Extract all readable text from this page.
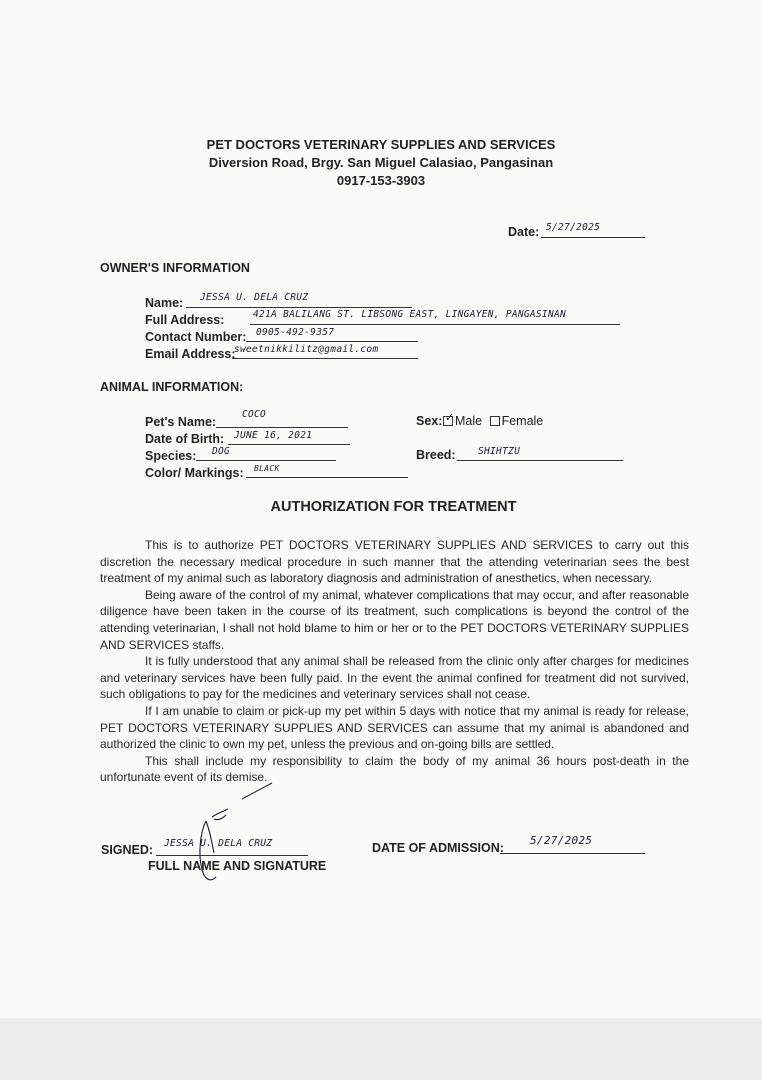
PET DOCTORS VETERINARY SUPPLIES AND SERVICES
Diversion Road, Brgy. San Miguel Calasiao, Pangasinan
0917-153-3903
Date: 5/27/2025
OWNER'S INFORMATION
Name: JESSA U. DELA CRUZ
Full Address:	421A BALILANG ST. LIBSONG EAST, LINGAYEN, PANGASINAN
Contact Number: 0905-492-9357
Email Address:
sweetnikkilitz@gmail.com
ANIMAL INFORMATION:
Pet's Name:
COCO	Sex: ✓ Male Female
Date of Birth: JUNE 16, 2021
Species: DOG	Breed: SHIHTZU
Color/ Markings: BLACK
AUTHORIZATION FOR TREATMENT

This is to authorize PET DOCTORS VETERINARY SUPPLIES AND SERVICES to carry out this discretion the necessary medical procedure in such manner that the attending veterinarian sees the best treatment of my animal such as laboratory diagnosis and administration of anesthetics, when necessary.

Being aware of the control of my animal, whatever complications that may occur, and after reasonable diligence have been taken in the course of its treatment, such complications is beyond the control of the attending veterinarian, I shall not hold blame to him or her or to the PET DOCTORS VETERINARY SUPPLIES AND SERVICES staffs.

It is fully understood that any animal shall be released from the clinic only after charges for medicines and veterinary services have been fully paid. In the event the animal confined for treatment did not survived, such obligations to pay for the medicines and veterinary services shall not cease.

If I am unable to claim or pick-up my pet within 5 days with notice that my animal is ready for release, PET DOCTORS VETERINARY SUPPLIES AND SERVICES can assume that my animal is abandoned and authorized the clinic to own my pet, unless the previous and on-going bills are settled.

This shall include my responsibility to claim the body of my animal 36 hours post-death in the unfortunate event of its demise.

SIGNED: JESSA U. DELA CRUZ
FULL NAME AND SIGNATURE
DATE OF ADMISSION:
5/27/2025
